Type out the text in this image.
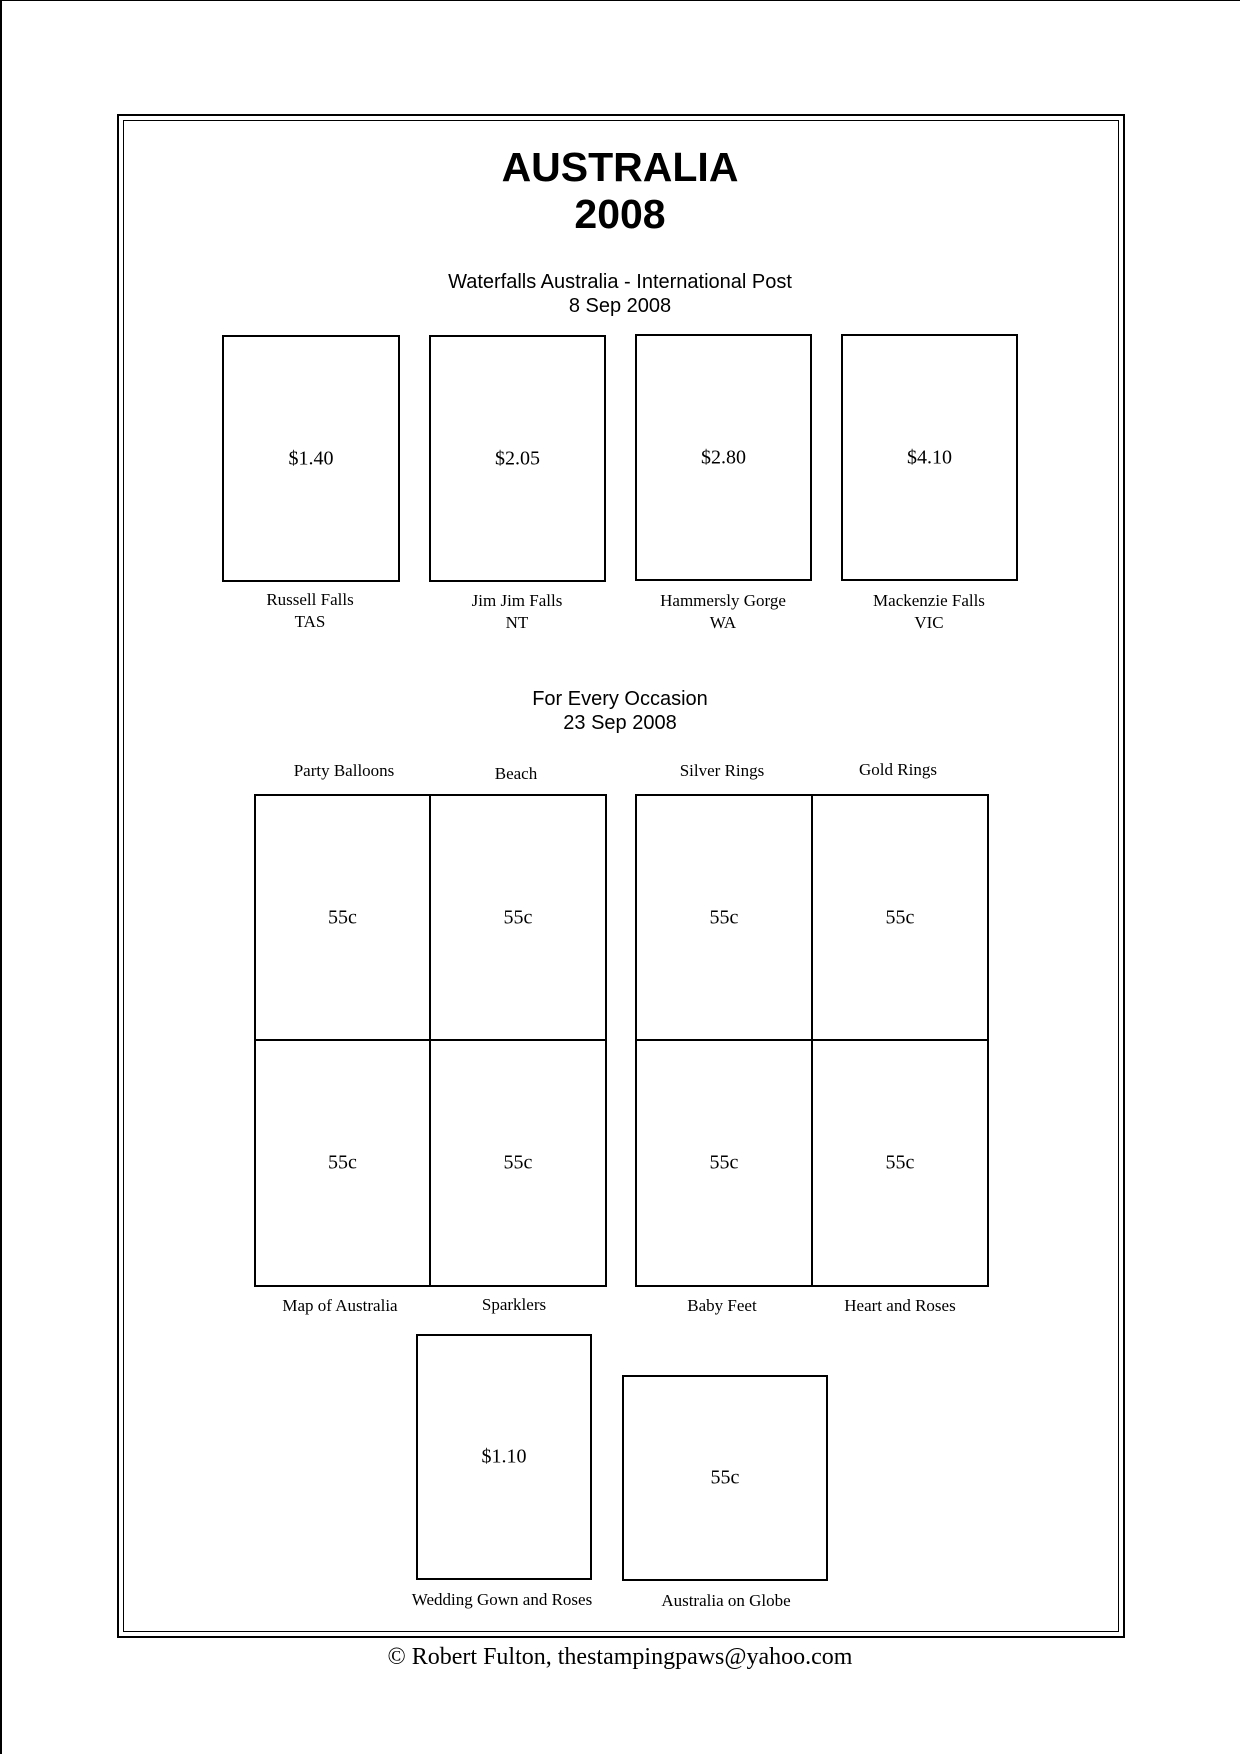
AUSTRALIA
2008
Waterfalls Australia - International Post
8 Sep 2008
$1.40	$2.05	$2.80	$4.10
Russell Falls
TAS
Jim Jim Falls
NT
Hammersly Gorge
WA
Mackenzie Falls
VIC
For Every Occasion
23 Sep 2008
Party Balloons	Beach	Silver Rings	Gold Rings
55c	55c
55c	55c
55c	55c
55c	55c
Map of Australia	Sparklers	Baby Feet	Heart and Roses
$1.10
55c
Wedding Gown and Roses	Australia on Globe
© Robert Fulton, thestampingpaws@yahoo.com
